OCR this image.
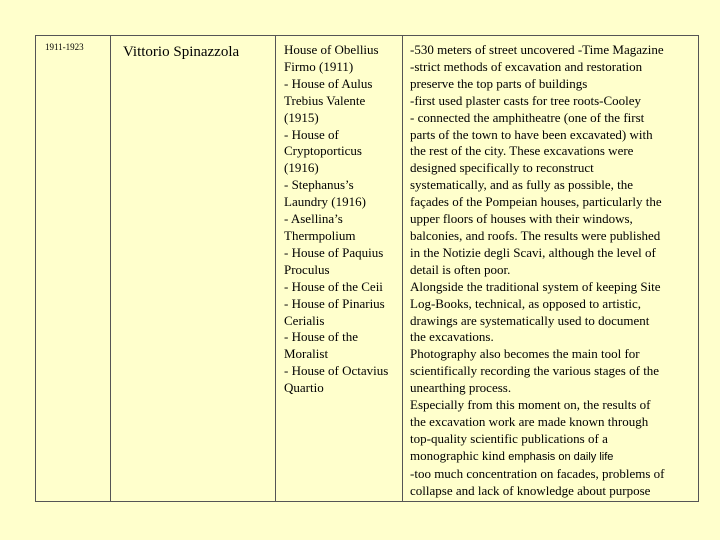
1911-1923	Vittorio Spinazzola	House of Obellius
Firmo (1911)
- House of Aulus
Trebius Valente
(1915)
- House of
Cryptoporticus
(1916)
- Stephanus’s
Laundry (1916)
- Asellina’s
Thermpolium
- House of Paquius
Proculus
- House of the Ceii
- House of Pinarius
Cerialis
- House of the
Moralist
- House of Octavius
Quartio
-530 meters of street uncovered -Time Magazine
-strict methods of excavation and restoration
preserve the top parts of buildings
-first used plaster casts for tree roots-Cooley
- connected the amphitheatre (one of the first
parts of the town to have been excavated) with
the rest of the city. These excavations were
designed specifically to reconstruct
systematically, and as fully as possible, the
façades of the Pompeian houses, particularly the
upper floors of houses with their windows,
balconies, and roofs. The results were published
in the Notizie degli Scavi, although the level of
detail is often poor.
Alongside the traditional system of keeping Site
Log-Books, technical, as opposed to artistic,
drawings are systematically used to document
the excavations.
Photography also becomes the main tool for
scientifically recording the various stages of the
unearthing process.
Especially from this moment on, the results of
the excavation work are made known through
top-quality scientific publications of a
monographic kind emphasis on daily life
-too much concentration on facades, problems of
collapse and lack of knowledge about purpose
